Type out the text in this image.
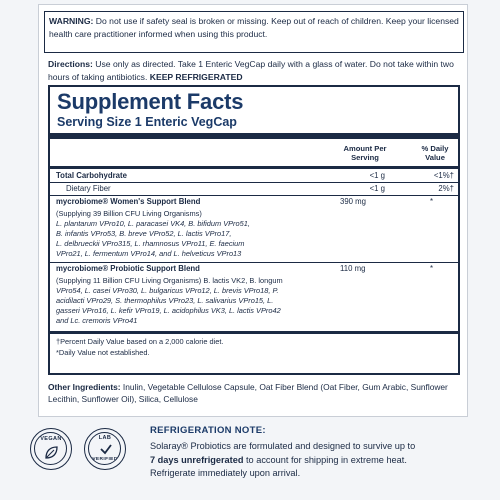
WARNING: Do not use if safety seal is broken or missing. Keep out of reach of children. Keep your licensed health care practitioner informed when using this product.
Directions: Use only as directed. Take 1 Enteric VegCap daily with a glass of water. Do not take within two hours of taking antibiotics. KEEP REFRIGERATED
Supplement Facts
Serving Size 1 Enteric VegCap
Amount Per
Serving
% Daily
Value
Total Carbohydrate	<1 g	<1%†
Dietary Fiber	<1 g	2%†
mycrobiome® Women's Support Blend	390 mg	*
(Supplying 39 Billion CFU Living Organisms)
L. plantarum VPro10, L. paracasei VK4, B. bifidum VPro51,
B. infantis VPro53, B. breve VPro52, L. lactis VPro17,
L. delbrueckii VPro315, L. rhamnosus VPro11, E. faecium
VPro21, L. fermentum VPro14, and L. helveticus VPro13
mycrobiome® Probiotic Support Blend	110 mg	*
(Supplying 11 Billion CFU Living Organisms) B. lactis VK2, B. longum
VPro54, L. casei VPro30, L. bulgaricus VPro12, L. brevis VPro18, P.
acidilacti VPro29, S. thermophilus VPro23, L. salivarius VPro15, L.
gasseri VPro16, L. kefir VPro19, L. acidophilus VK3, L. lactis VPro42
and Lc. cremoris VPro41
†Percent Daily Value based on a 2,000 calorie diet.
*Daily Value not established.
Other Ingredients: Inulin, Vegetable Cellulose Capsule, Oat Fiber Blend (Oat Fiber, Gum Arabic, Sunflower Lecithin, Sunflower Oil), Silica, Cellulose
VEGAN	LAB
VERIFIED
REFRIGERATION NOTE:
Solaray® Probiotics are formulated and designed to survive up to
7 days unrefrigerated to account for shipping in extreme heat.
Refrigerate immediately upon arrival.
